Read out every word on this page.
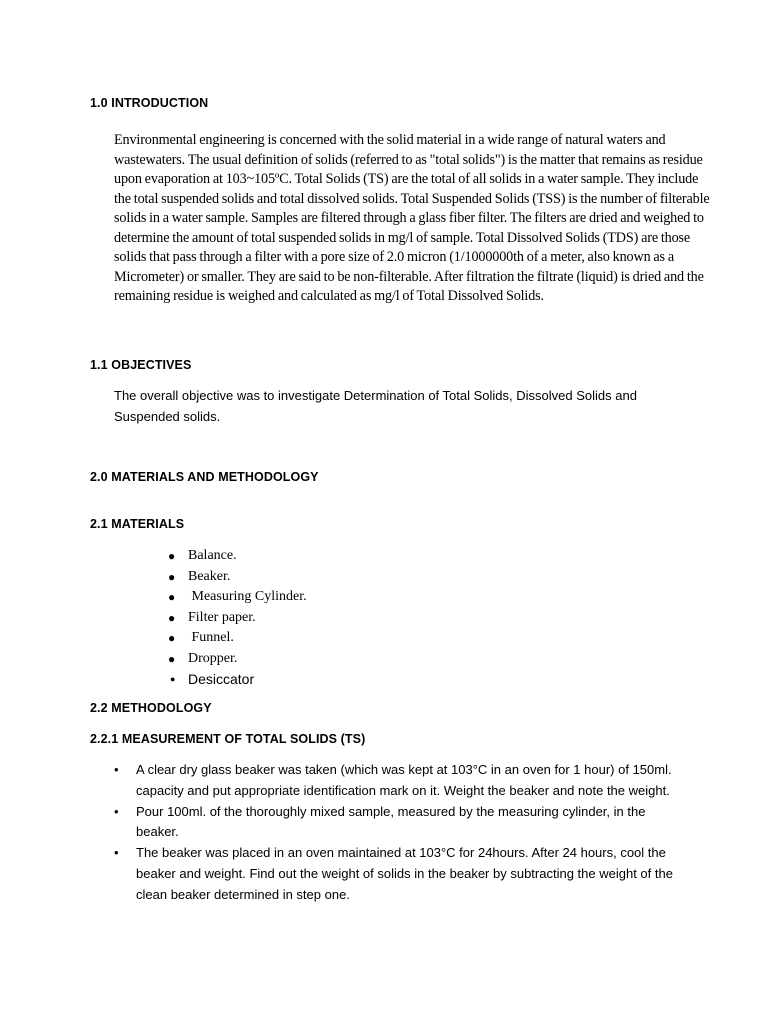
1.0 INTRODUCTION

Environmental engineering is concerned with the solid material in a wide range of natural waters and wastewaters. The usual definition of solids (referred to as "total solids") is the matter that remains as residue upon evaporation at 103~105ºC. Total Solids (TS) are the total of all solids in a water sample. They include the total suspended solids and total dissolved solids. Total Suspended Solids (TSS) is the number of filterable solids in a water sample. Samples are filtered through a glass fiber filter. The filters are dried and weighed to determine the amount of total suspended solids in mg/l of sample. Total Dissolved Solids (TDS) are those solids that pass through a filter with a pore size of 2.0 micron (1/1000000th of a meter, also known as a Micrometer) or smaller. They are said to be non-filterable. After filtration the filtrate (liquid) is dried and the remaining residue is weighed and calculated as mg/l of Total Dissolved Solids.

1.1 OBJECTIVES

The overall objective was to investigate Determination of Total Solids, Dissolved Solids and Suspended solids.

2.0 MATERIALS AND METHODOLOGY
2.1 MATERIALS
● Balance.
● Beaker.
● Measuring Cylinder.
● Filter paper.
● Funnel.
● Dropper.
● Desiccator
2.2 METHODOLOGY
2.2.1 MEASUREMENT OF TOTAL SOLIDS (TS)
• A clear dry glass beaker was taken (which was kept at 103°C in an oven for 1 hour) of 150ml. capacity and put appropriate identification mark on it. Weight the beaker and note the weight.
• Pour 100ml. of the thoroughly mixed sample, measured by the measuring cylinder, in the beaker.
• The beaker was placed in an oven maintained at 103°C for 24hours. After 24 hours, cool the beaker and weight. Find out the weight of solids in the beaker by subtracting the weight of the clean beaker determined in step one.
